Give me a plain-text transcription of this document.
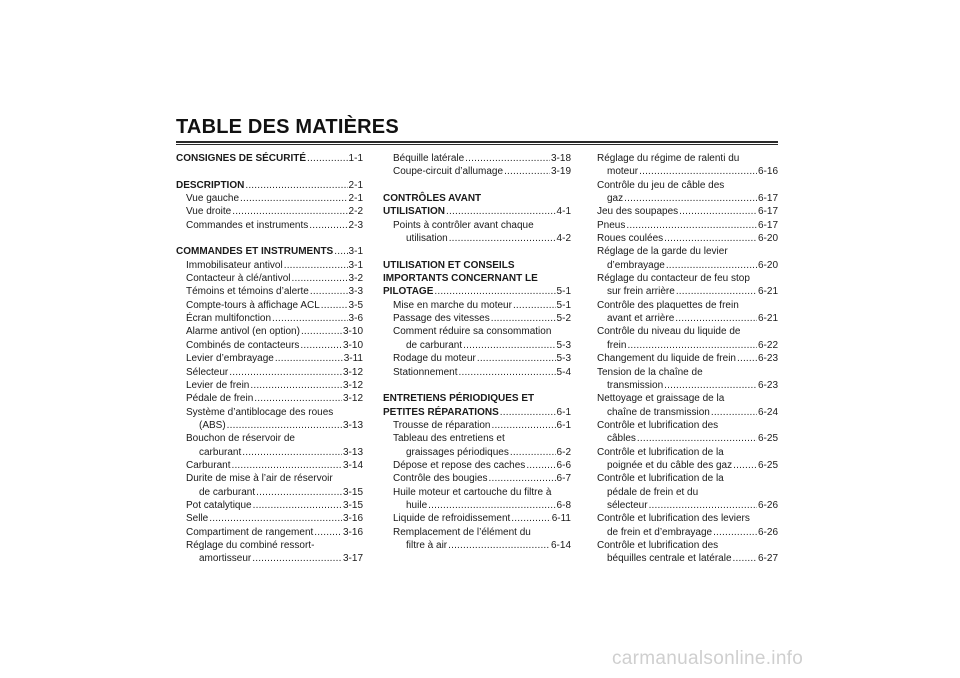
TABLE DES MATIÈRES
CONSIGNES DE SÉCURITÉ .....	1-1
DESCRIPTION .....	2-1
Vue gauche .....	2-1
Vue droite .....	2-2
Commandes et instruments .....	2-3
COMMANDES ET INSTRUMENTS ..... 3-1
Immobilisateur antivol .....	3-1
Contacteur à clé/antivol .....	3-2
Témoins et témoins d’alerte .....	3-3
Compte-tours à affichage ACL .....	3-5
Écran multifonction .....	3-6
Alarme antivol (en option) .....	3-10
Combinés de contacteurs .....	3-10
Levier d’embrayage .....	3-11
Sélecteur .....	3-12
Levier de frein .....	3-12
Pédale de frein .....	3-12
Système d’antiblocage des roues
(ABS) .....	3-13
Bouchon de réservoir de
carburant .....	3-13
Carburant .....	3-14
Durite de mise à l’air de réservoir
de carburant .....	3-15
Pot catalytique .....	3-15
Selle .....	3-16
Compartiment de rangement .....	3-16
Réglage du combiné ressort-
amortisseur .....	3-17
Béquille latérale .....	3-18
Coupe-circuit d’allumage .....	3-19
CONTRÔLES AVANT
UTILISATION .....	4-1
Points à contrôler avant chaque
utilisation .....	4-2
UTILISATION ET CONSEILS
IMPORTANTS CONCERNANT LE
PILOTAGE .....	5-1
Mise en marche du moteur .....	5-1
Passage des vitesses .....	5-2
Comment réduire sa consommation
de carburant .....	5-3
Rodage du moteur .....	5-3
Stationnement .....	5-4
ENTRETIENS PÉRIODIQUES ET
PETITES RÉPARATIONS .....	6-1
Trousse de réparation .....	6-1
Tableau des entretiens et
graissages périodiques .....	6-2
Dépose et repose des caches .....	6-6
Contrôle des bougies .....	6-7
Huile moteur et cartouche du filtre à
huile .....	6-8
Liquide de refroidissement .....	6-11
Remplacement de l’élément du
filtre à air .....	6-14
Réglage du régime de ralenti du
moteur .....	6-16
Contrôle du jeu de câble des
gaz .....	6-17
Jeu des soupapes .....	6-17
Pneus .....	6-17
Roues coulées .....	6-20
Réglage de la garde du levier
d’embrayage .....	6-20
Réglage du contacteur de feu stop
sur frein arrière .....	6-21
Contrôle des plaquettes de frein
avant et arrière .....	6-21
Contrôle du niveau du liquide de
frein .....	6-22
Changement du liquide de frein ..... 6-23
Tension de la chaîne de
transmission .....	6-23
Nettoyage et graissage de la
chaîne de transmission .....	6-24
Contrôle et lubrification des
câbles .....	6-25
Contrôle et lubrification de la
poignée et du câble des gaz .....	6-25
Contrôle et lubrification de la
pédale de frein et du
sélecteur .....	6-26
Contrôle et lubrification des leviers
de frein et d’embrayage .....	6-26
Contrôle et lubrification des
béquilles centrale et latérale .....	6-27
carmanualsonline.info
